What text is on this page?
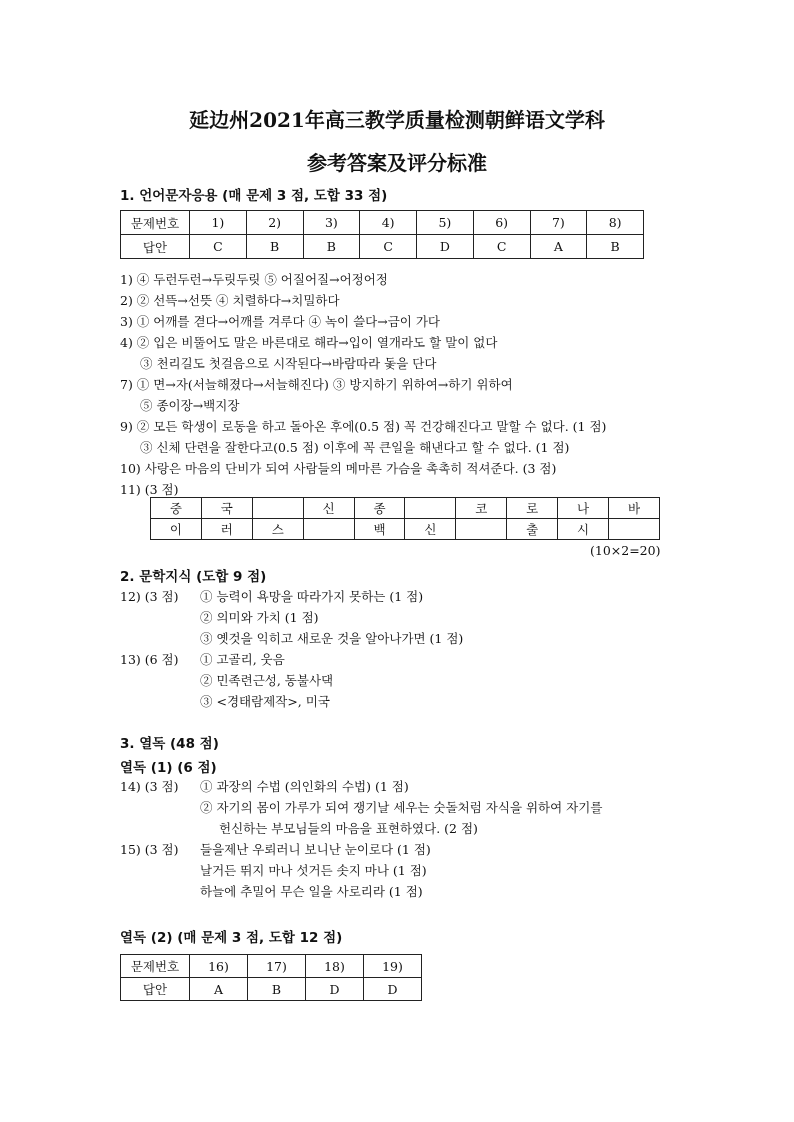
延边州2021年高三教学质量检测朝鲜语文学科
参考答案及评分标准
1. 언어문자응용 (매 문제 3 점, 도합 33 점)
문제번호	1)	2)	3)	4)	5)	6)	7)	8)
답안	C	B	B	C	D	C	A	B
1) ④ 두런두런→두릿두릿 ⑤ 어질어질→어정어정
2) ② 선뜩→선뜻 ④ 치렬하다→치밀하다
3) ① 어깨를 겯다→어깨를 겨루다 ④ 녹이 쓸다→금이 가다
4) ② 입은 비뚤어도 말은 바른대로 해라→입이 열개라도 할 말이 없다
③ 천리길도 첫걸음으로 시작된다→바람따라 돛을 단다
7) ① 면→자(서늘해졌다→서늘해진다) ③ 방지하기 위하여→하기 위하여
⑤ 종이장→백지장
9) ② 모든 학생이 로동을 하고 돌아온 후에(0.5 점) 꼭 건강해진다고 말할 수 없다. (1 점)
③ 신체 단련을 잘한다고(0.5 점) 이후에 꼭 큰일을 해낸다고 할 수 없다. (1 점)
10) 사랑은 마음의 단비가 되여 사람들의 메마른 가슴을 촉촉히 적셔준다. (3 점)
11) (3 점)
중	국		신	종		코	로	나	바
이	러	스		백	신		출	시	
(10×2=20)
2. 문학지식 (도합 9 점)
12) (3 점) ① 능력이 욕망을 따라가지 못하는 (1 점)
② 의미와 가치 (1 점)
③ 옛것을 익히고 새로운 것을 알아나가면 (1 점)
13) (6 점) ① 고골리, 웃음
② 민족련근성, 동불사댁
③ <경태람제작>, 미국
3. 열독 (48 점)
열독 (1) (6 점)
14) (3 점) ① 과장의 수법 (의인화의 수법) (1 점)
② 자기의 몸이 가루가 되여 쟁기날 세우는 숫돌처럼 자식을 위하여 자기를
헌신하는 부모님들의 마음을 표현하였다. (2 점)
15) (3 점) 들을제난 우뢰러니 보니난 눈이로다 (1 점)
날거든 뛰지 마나 섯거든 솟지 마나 (1 점)
하늘에 추밀어 무슨 일을 사로리라 (1 점)
열독 (2) (매 문제 3 점, 도합 12 점)
문제번호	16)	17)	18)	19)
답안	A	B	D	D
